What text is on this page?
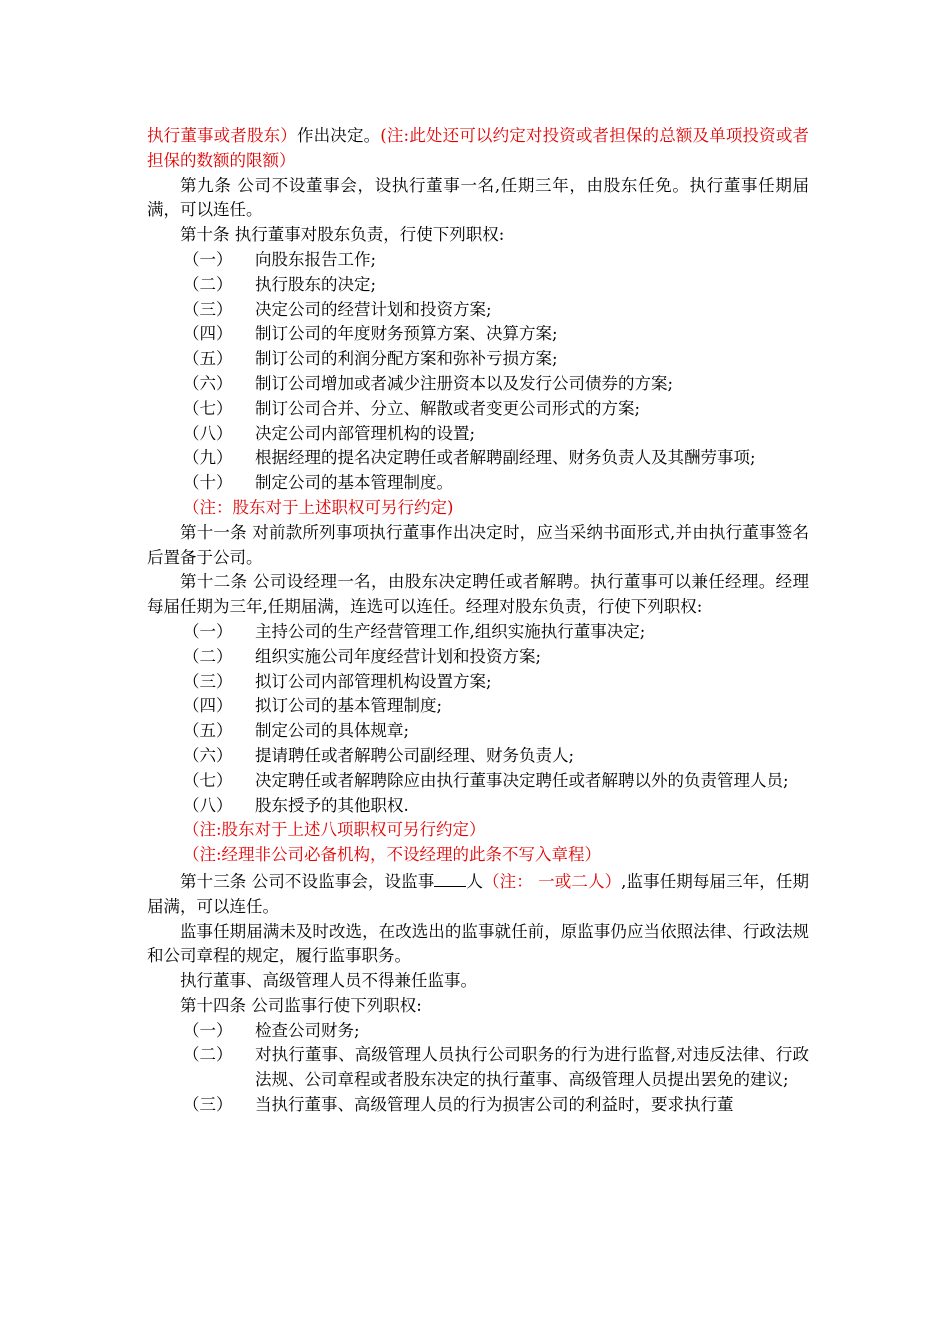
执行董事或者股东）作出决定。(注:此处还可以约定对投资或者担保的总额及单项投资或者担保的数额的限额）

第九条 公司不设董事会，设执行董事一名,任期三年，由股东任免。执行董事任期届满，可以连任。

第十条 执行董事对股东负责，行使下列职权:

（一）	向股东报告工作;
（二）	执行股东的决定;
（三）	决定公司的经营计划和投资方案;
（四）	制订公司的年度财务预算方案、决算方案;
（五）	制订公司的利润分配方案和弥补亏损方案;
（六）	制订公司增加或者减少注册资本以及发行公司债券的方案;
（七）	制订公司合并、分立、解散或者变更公司形式的方案;
（八）	决定公司内部管理机构的设置;
（九）	根据经理的提名决定聘任或者解聘副经理、财务负责人及其酬劳事项;
（十）	制定公司的基本管理制度。

（注：股东对于上述职权可另行约定)

第十一条 对前款所列事项执行董事作出决定时，应当采纳书面形式,并由执行董事签名后置备于公司。

第十二条 公司设经理一名，由股东决定聘任或者解聘。执行董事可以兼任经理。经理每届任期为三年,任期届满，连选可以连任。经理对股东负责，行使下列职权:

（一）	主持公司的生产经营管理工作,组织实施执行董事决定;
（二）	组织实施公司年度经营计划和投资方案;
（三）	拟订公司内部管理机构设置方案;
（四）	拟订公司的基本管理制度;
（五）	制定公司的具体规章;
（六）	提请聘任或者解聘公司副经理、财务负责人;
（七）	决定聘任或者解聘除应由执行董事决定聘任或者解聘以外的负责管理人员;
（八）	股东授予的其他职权.

（注:股东对于上述八项职权可另行约定）

（注:经理非公司必备机构，不设经理的此条不写入章程）

第十三条 公司不设监事会，设监事 人（注： 一或二人）,监事任期每届三年，任期届满，可以连任。

监事任期届满未及时改选，在改选出的监事就任前，原监事仍应当依照法律、行政法规和公司章程的规定，履行监事职务。

执行董事、高级管理人员不得兼任监事。

第十四条 公司监事行使下列职权:

（一）	检查公司财务;
（二）	对执行董事、高级管理人员执行公司职务的行为进行监督,对违反法律、行政法规、公司章程或者股东决定的执行董事、高级管理人员提出罢免的建议;
（三）	当执行董事、高级管理人员的行为损害公司的利益时，要求执行董
